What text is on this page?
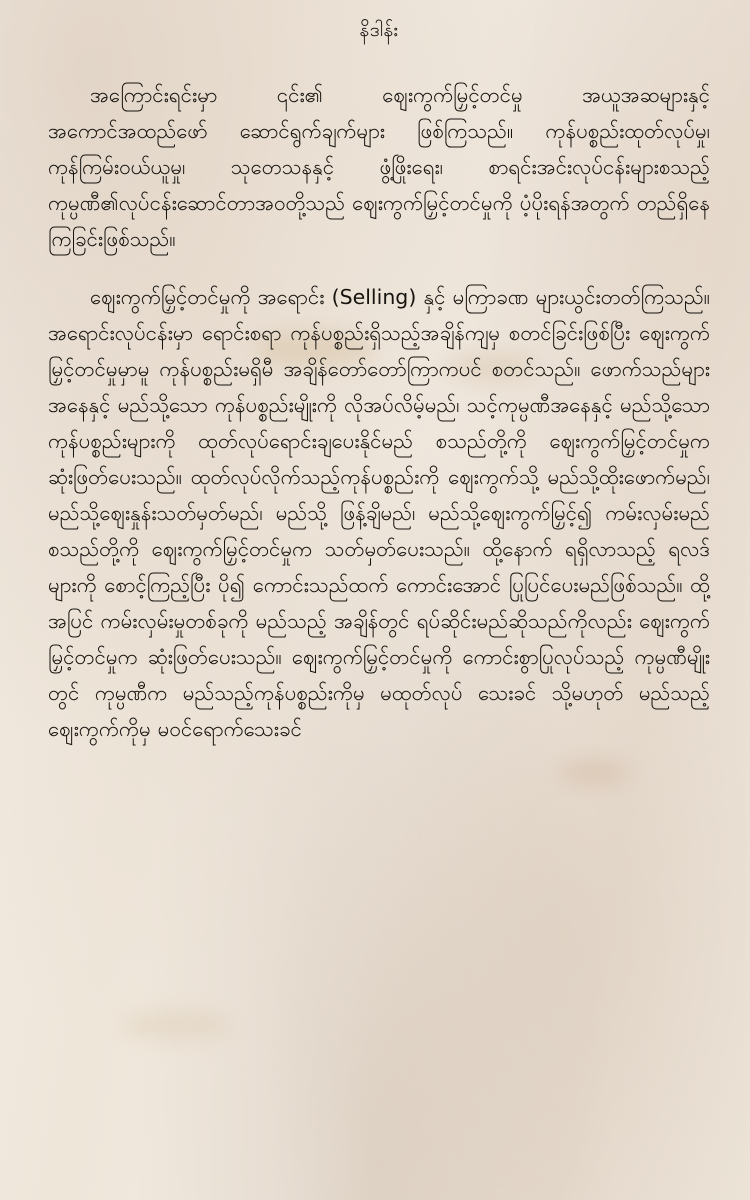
နိဒါန်း

အကြောင်းရင်းမှာ ၎င်း၏ ဈေးကွက်မြှင့်တင်မှု အယူအဆများနှင့် အကောင်အထည်ဖော် ဆောင်ရွက်ချက်များ ဖြစ်ကြသည်။ ကုန်ပစ္စည်းထုတ်လုပ်မှု၊ ကုန်ကြမ်းဝယ်ယူမှု၊ သုတေသနနှင့် ဖွံ့ဖြိုးရေး၊ စာရင်းအင်းလုပ်ငန်းများစသည့် ကုမ္ပဏီ၏လုပ်ငန်းဆောင်တာအဝတို့သည် ဈေးကွက်မြှင့်တင်မှုကို ပံ့ပိုးရန်အတွက် တည်ရှိနေကြခြင်းဖြစ်သည်။

ဈေးကွက်မြှင့်တင်မှုကို အရောင်း (Selling) နှင့် မကြာခဏ များယွင်းတတ်ကြသည်။ အရောင်းလုပ်ငန်းမှာ ရောင်းစရာ ကုန်ပစ္စည်းရှိသည့်အချိန်ကျမှ စတင်ခြင်းဖြစ်ပြီး ဈေးကွက်မြှင့်တင်မှုမှာမူ ကုန်ပစ္စည်းမရှိမီ အချိန်တော်တော်ကြာကပင် စတင်သည်။ ဖောက်သည်များအနေနှင့် မည်သို့သော ကုန်ပစ္စည်းမျိုးကို လိုအပ်လိမ့်မည်၊ သင့်ကုမ္ပဏီအနေနှင့် မည်သို့သော ကုန်ပစ္စည်းများကို ထုတ်လုပ်ရောင်းချပေးနိုင်မည် စသည်တို့ကို ဈေးကွက်မြှင့်တင်မှုက ဆုံးဖြတ်ပေးသည်။ ထုတ်လုပ်လိုက်သည့်ကုန်ပစ္စည်းကို ဈေးကွက်သို့ မည်သို့ထိုးဖောက်မည်၊ မည်သို့ဈေးနှုန်းသတ်မှတ်မည်၊ မည်သို့ ဖြန့်ချိမည်၊ မည်သို့ဈေးကွက်မြှင့်၍ ကမ်းလှမ်းမည် စသည်တို့ကို ဈေးကွက်မြှင့်တင်မှုက သတ်မှတ်ပေးသည်။ ထို့နောက် ရရှိလာသည့် ရလဒ်များကို စောင့်ကြည့်ပြီး ပို၍ ကောင်းသည်ထက် ကောင်းအောင် ပြုပြင်ပေးမည်ဖြစ်သည်။ ထို့အပြင် ကမ်းလှမ်းမှုတစ်ခုကို မည်သည့် အချိန်တွင် ရပ်ဆိုင်းမည်ဆိုသည်ကိုလည်း ဈေးကွက်မြှင့်တင်မှုက ဆုံးဖြတ်ပေးသည်။ ဈေးကွက်မြှင့်တင်မှုကို ကောင်းစွာပြုလုပ်သည့် ကုမ္ပဏီမျိုးတွင် ကုမ္ပဏီက မည်သည့်ကုန်ပစ္စည်းကိုမှ မထုတ်လုပ် သေးခင် သို့မဟုတ် မည်သည့်ဈေးကွက်ကိုမှ မဝင်ရောက်သေးခင်
